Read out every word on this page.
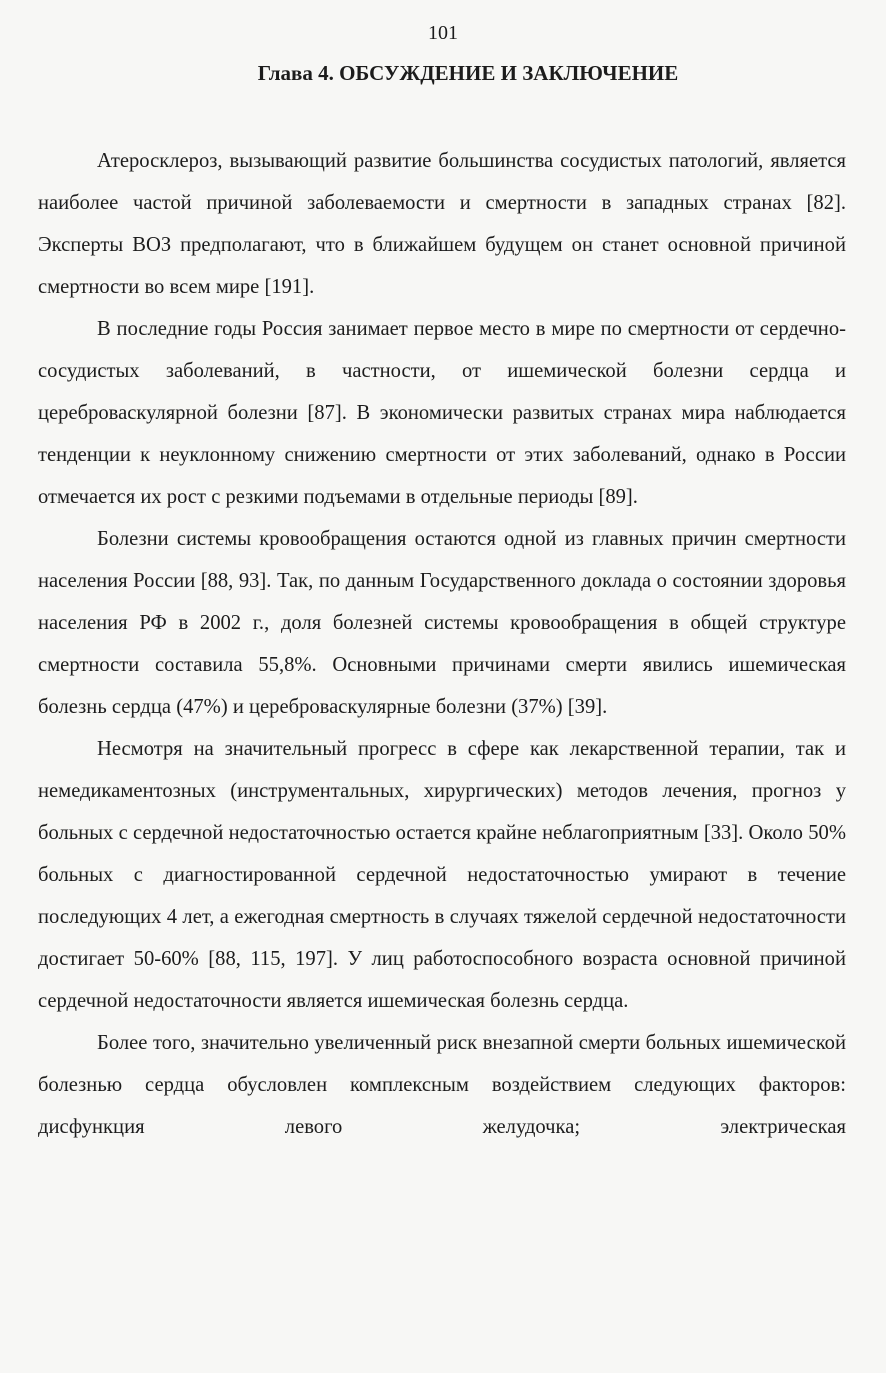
101
Глава 4. ОБСУЖДЕНИЕ И ЗАКЛЮЧЕНИЕ

Атеросклероз, вызывающий развитие большинства сосудистых патологий, является наиболее частой причиной заболеваемости и смертности в западных странах [82]. Эксперты ВОЗ предполагают, что в ближайшем будущем он станет основной причиной смертности во всем мире [191].

В последние годы Россия занимает первое место в мире по смертности от сердечно-сосудистых заболеваний, в частности, от ишемической болезни сердца и цереброваскулярной болезни [87]. В экономически развитых странах мира наблюдается тенденции к неуклонному снижению смертности от этих заболеваний, однако в России отмечается их рост с резкими подъемами в отдельные периоды [89].

Болезни системы кровообращения остаются одной из главных причин смертности населения России [88, 93]. Так, по данным Государственного доклада о состоянии здоровья населения РФ в 2002 г., доля болезней системы кровообращения в общей структуре смертности составила 55,8%. Основными причинами смерти явились ишемическая болезнь сердца (47%) и цереброваскулярные болезни (37%) [39].

Несмотря на значительный прогресс в сфере как лекарственной терапии, так и немедикаментозных (инструментальных, хирургических) методов лечения, прогноз у больных с сердечной недостаточностью остается крайне неблагоприятным [33]. Около 50% больных с диагностированной сердечной недостаточностью умирают в течение последующих 4 лет, а ежегодная смертность в случаях тяжелой сердечной недостаточности достигает 50-60% [88, 115, 197]. У лиц работоспособного возраста основной причиной сердечной недостаточности является ишемическая болезнь сердца.

Более того, значительно увеличенный риск внезапной смерти больных ишемической болезнью сердца обусловлен комплексным воздействием следующих факторов: дисфункция левого желудочка; электрическая
